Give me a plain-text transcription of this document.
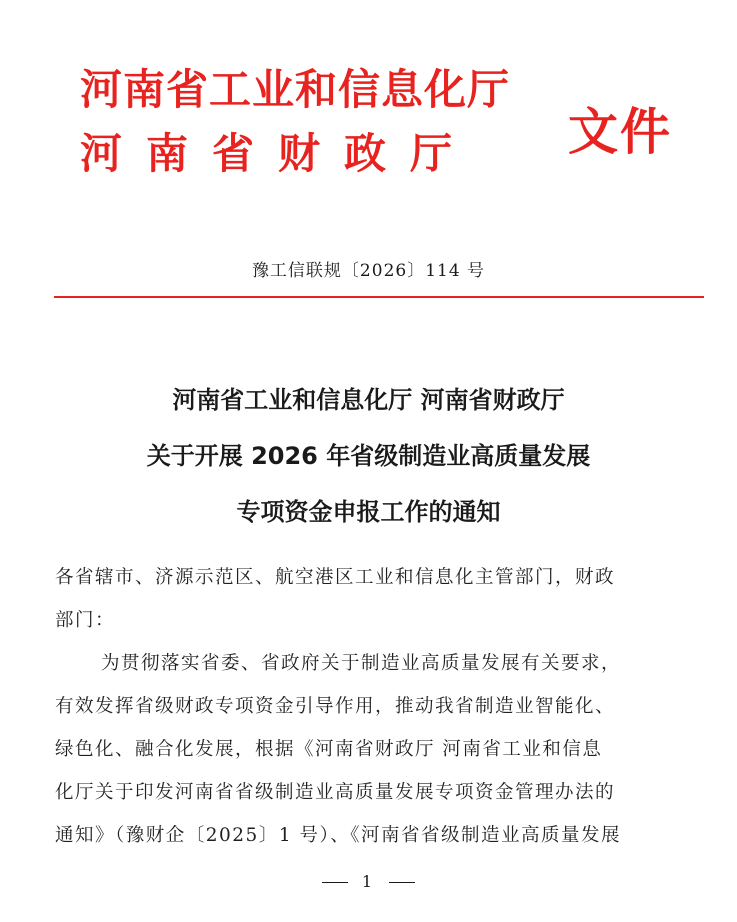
河南省工业和信息化厅
河南省财政厅	文件
豫工信联规〔2026〕114 号
河南省工业和信息化厅 河南省财政厅
关于开展 2026 年省级制造业高质量发展
专项资金申报工作的通知
各省辖市、济源示范区、航空港区工业和信息化主管部门，财政
部门：
为贯彻落实省委、省政府关于制造业高质量发展有关要求，
有效发挥省级财政专项资金引导作用，推动我省制造业智能化、
绿色化、融合化发展，根据《河南省财政厅 河南省工业和信息
化厅关于印发河南省省级制造业高质量发展专项资金管理办法的
通知》（豫财企〔2025〕1 号）、《河南省省级制造业高质量发展
1
